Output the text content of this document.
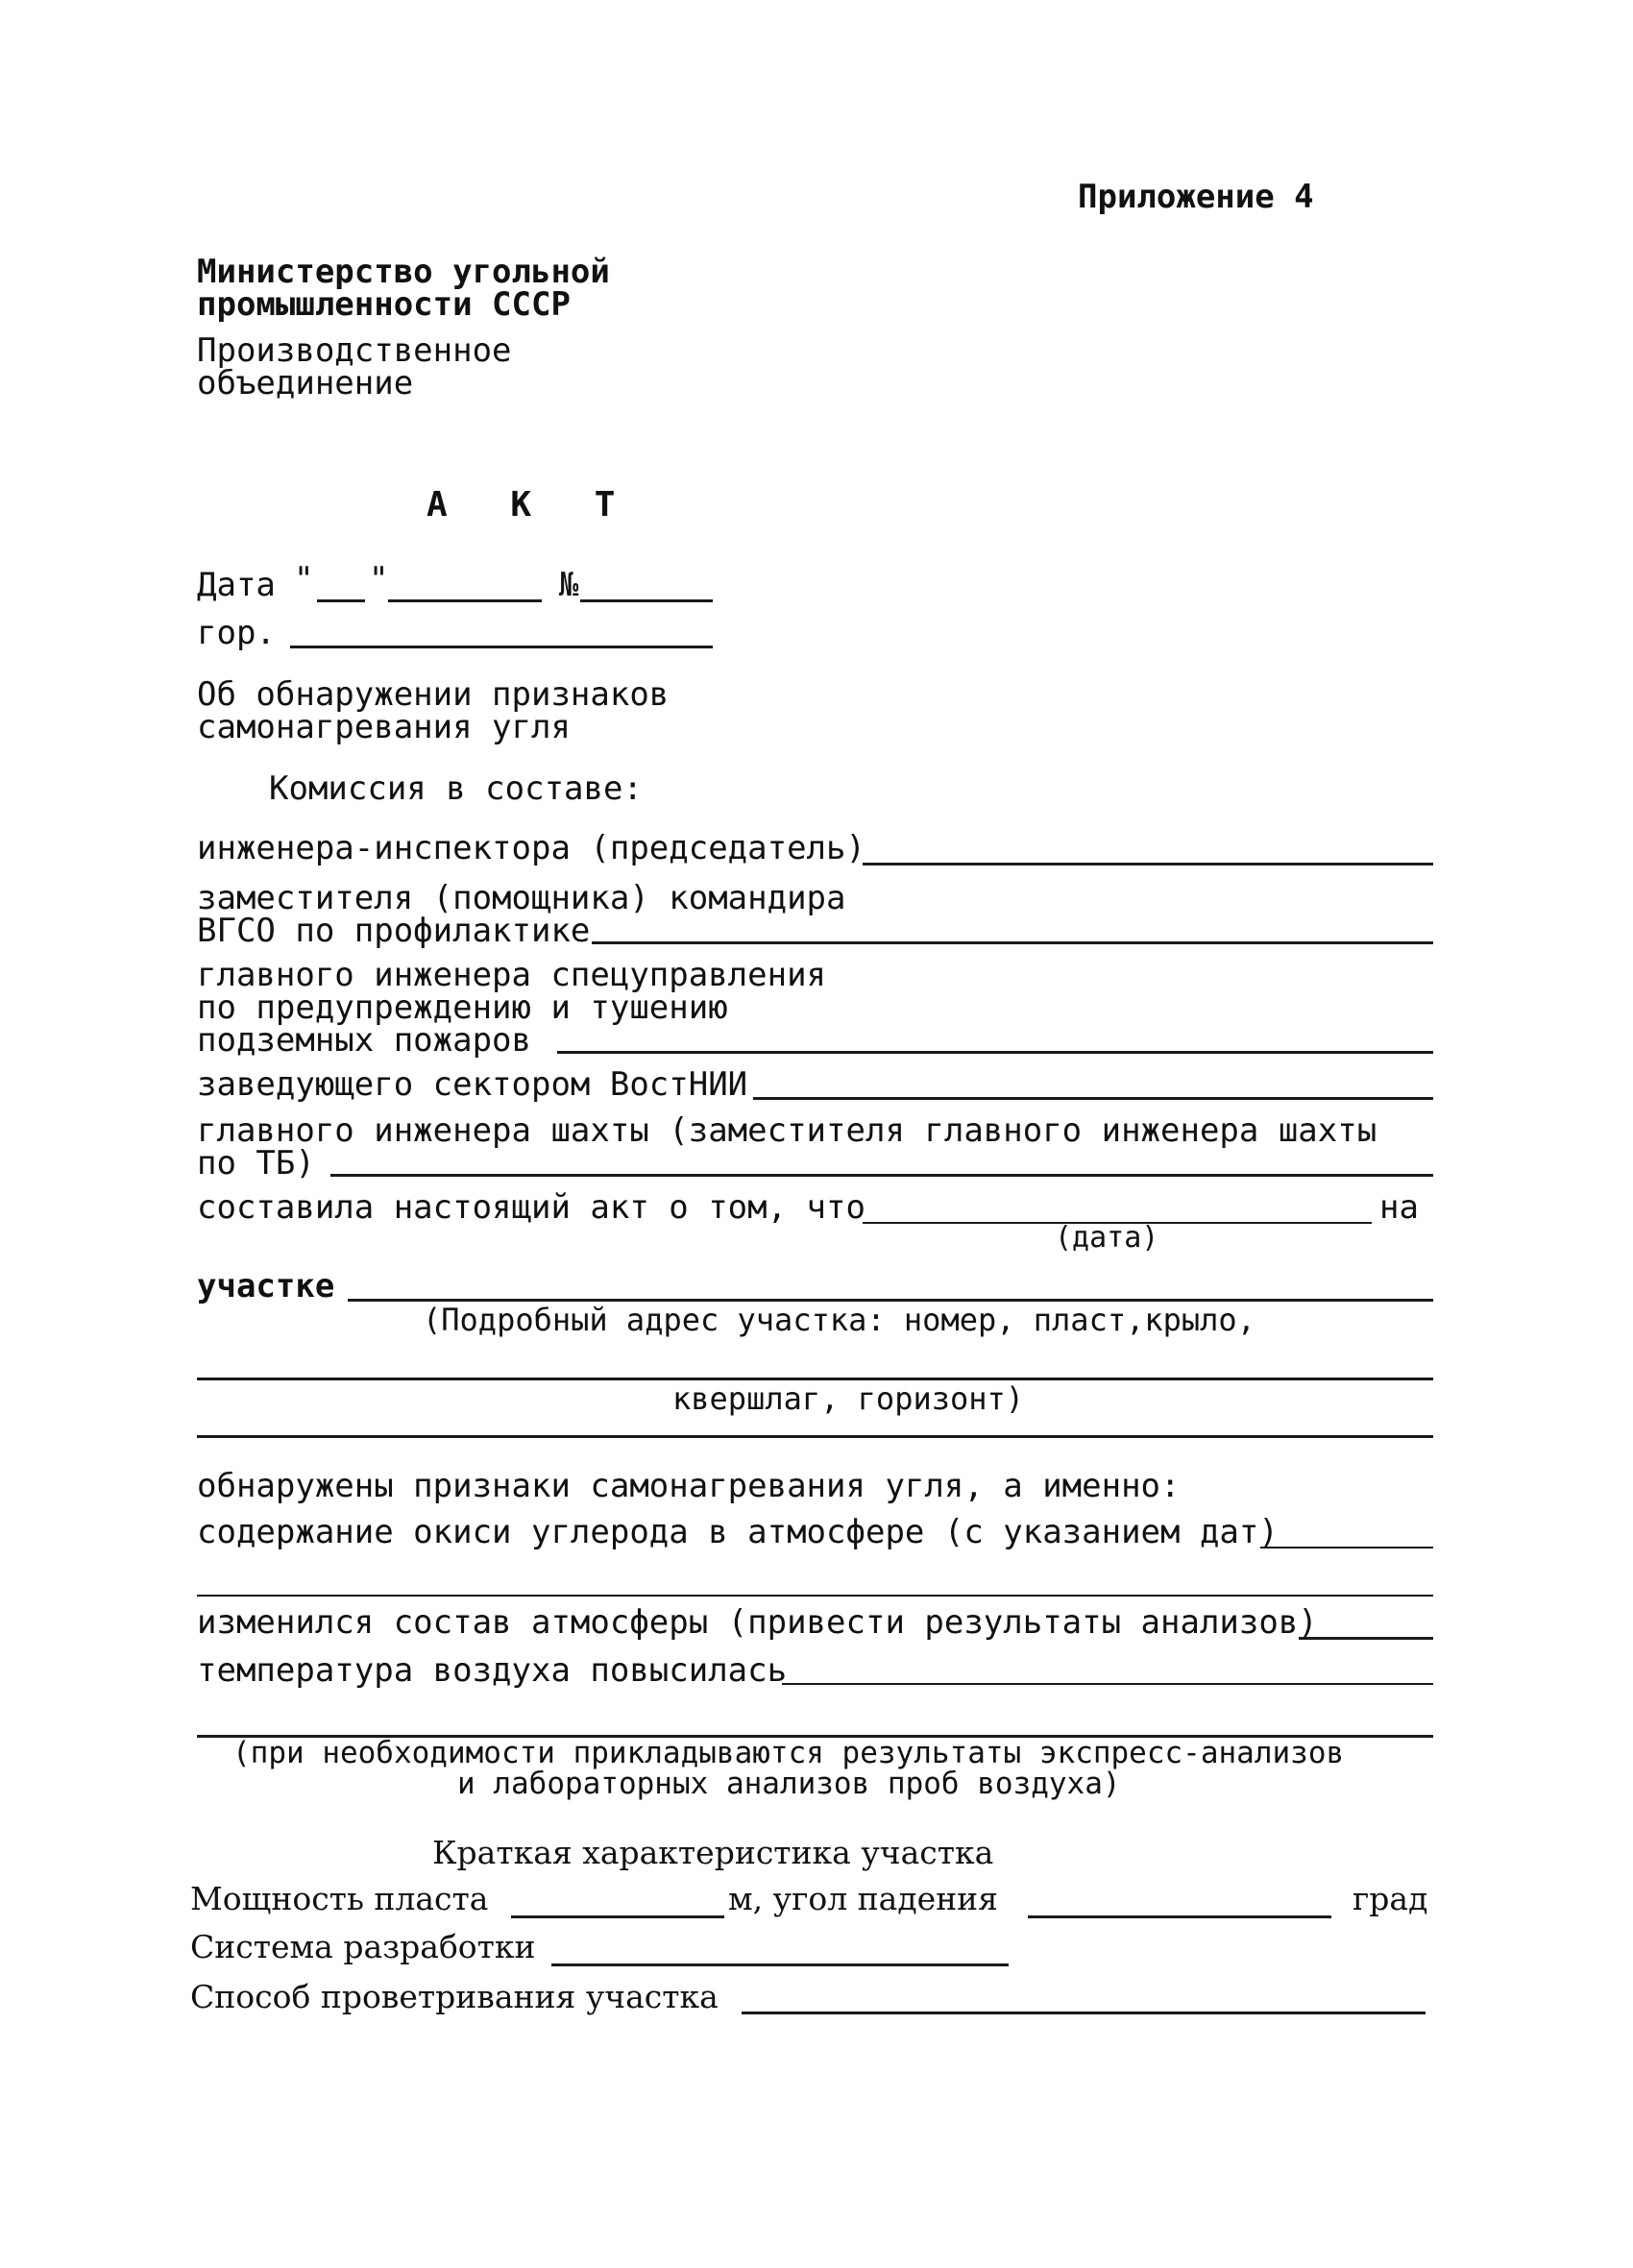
Приложение 4
Министерство угольной
промышленности СССР
Производственное
объединение
А К Т
Дата " "	№
гор.
Об обнаружении признаков
самонагревания угля
Комиссия в составе:
инженера-инспектора (председатель)
заместителя (помощника) командира
ВГСО по профилактике
главного инженера спецуправления
по предупреждению и тушению
подземных пожаров
заведующего сектором ВостНИИ
главного инженера шахты (заместителя главного инженера шахты
по ТБ)
составила настоящий акт о том, что	на
(дата)
участке
(Подробный адрес участка: номер, пласт,крыло,
квершлаг, горизонт)
обнаружены признаки самонагревания угля, а именно:
содержание окиси углерода в атмосфере (с указанием дат)
изменился состав атмосферы (привести результаты анализов)
температура воздуха повысилась
(при необходимости прикладываются результаты экспресс-анализов
и лабораторных анализов проб воздуха)
Краткая характеристика участка
Мощность пласта	м, угол падения	град
Система разработки
Способ проветривания участка
